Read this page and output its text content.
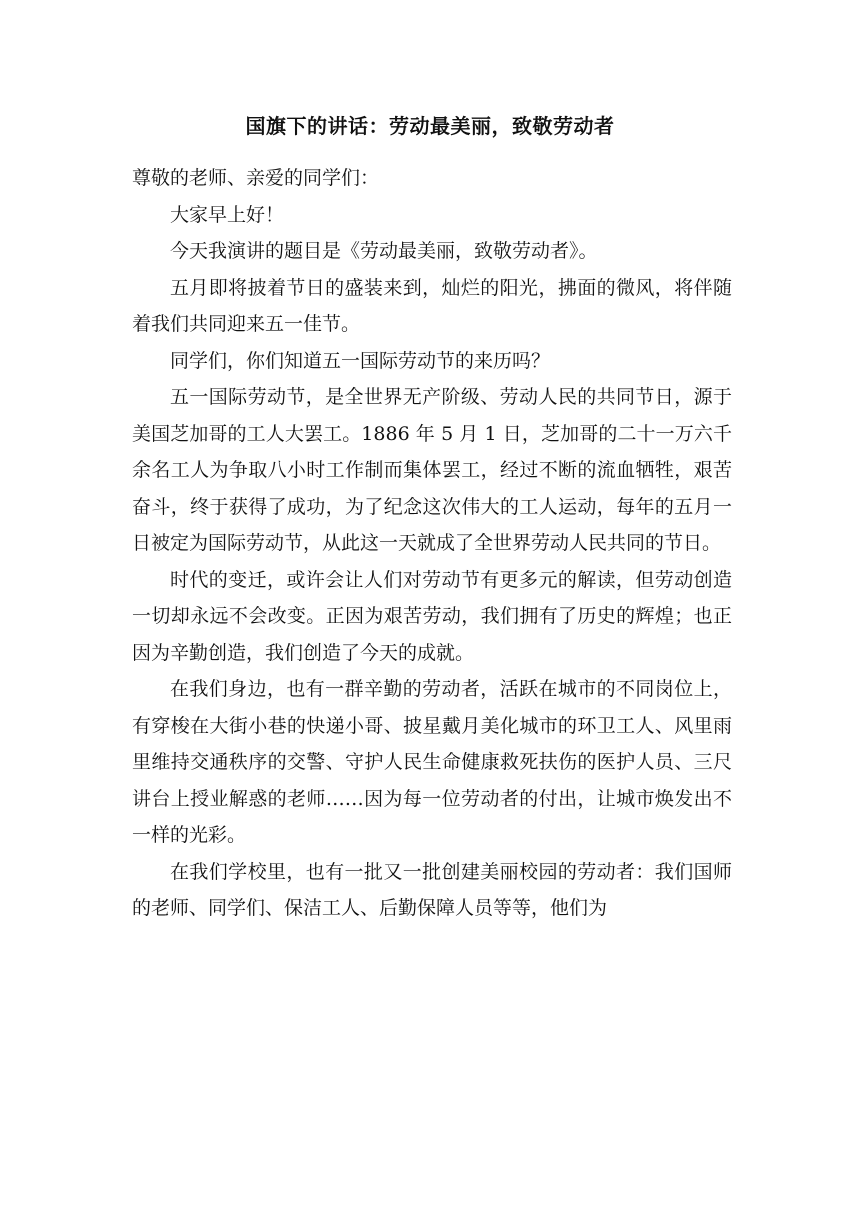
国旗下的讲话：劳动最美丽，致敬劳动者

尊敬的老师、亲爱的同学们：

大家早上好！

今天我演讲的题目是《劳动最美丽，致敬劳动者》。

五月即将披着节日的盛装来到，灿烂的阳光，拂面的微风，将伴随着我们共同迎来五一佳节。

同学们，你们知道五一国际劳动节的来历吗？

五一国际劳动节，是全世界无产阶级、劳动人民的共同节日，源于美国芝加哥的工人大罢工。1886 年 5 月 1 日，芝加哥的二十一万六千余名工人为争取八小时工作制而集体罢工，经过不断的流血牺牲，艰苦奋斗，终于获得了成功，为了纪念这次伟大的工人运动，每年的五月一日被定为国际劳动节，从此这一天就成了全世界劳动人民共同的节日。

时代的变迁，或许会让人们对劳动节有更多元的解读，但劳动创造一切却永远不会改变。正因为艰苦劳动，我们拥有了历史的辉煌；也正因为辛勤创造，我们创造了今天的成就。

在我们身边，也有一群辛勤的劳动者，活跃在城市的不同岗位上，有穿梭在大街小巷的快递小哥、披星戴月美化城市的环卫工人、风里雨里维持交通秩序的交警、守护人民生命健康救死扶伤的医护人员、三尺讲台上授业解惑的老师……因为每一位劳动者的付出，让城市焕发出不一样的光彩。

在我们学校里，也有一批又一批创建美丽校园的劳动者：我们国师的老师、同学们、保洁工人、后勤保障人员等等，他们为
